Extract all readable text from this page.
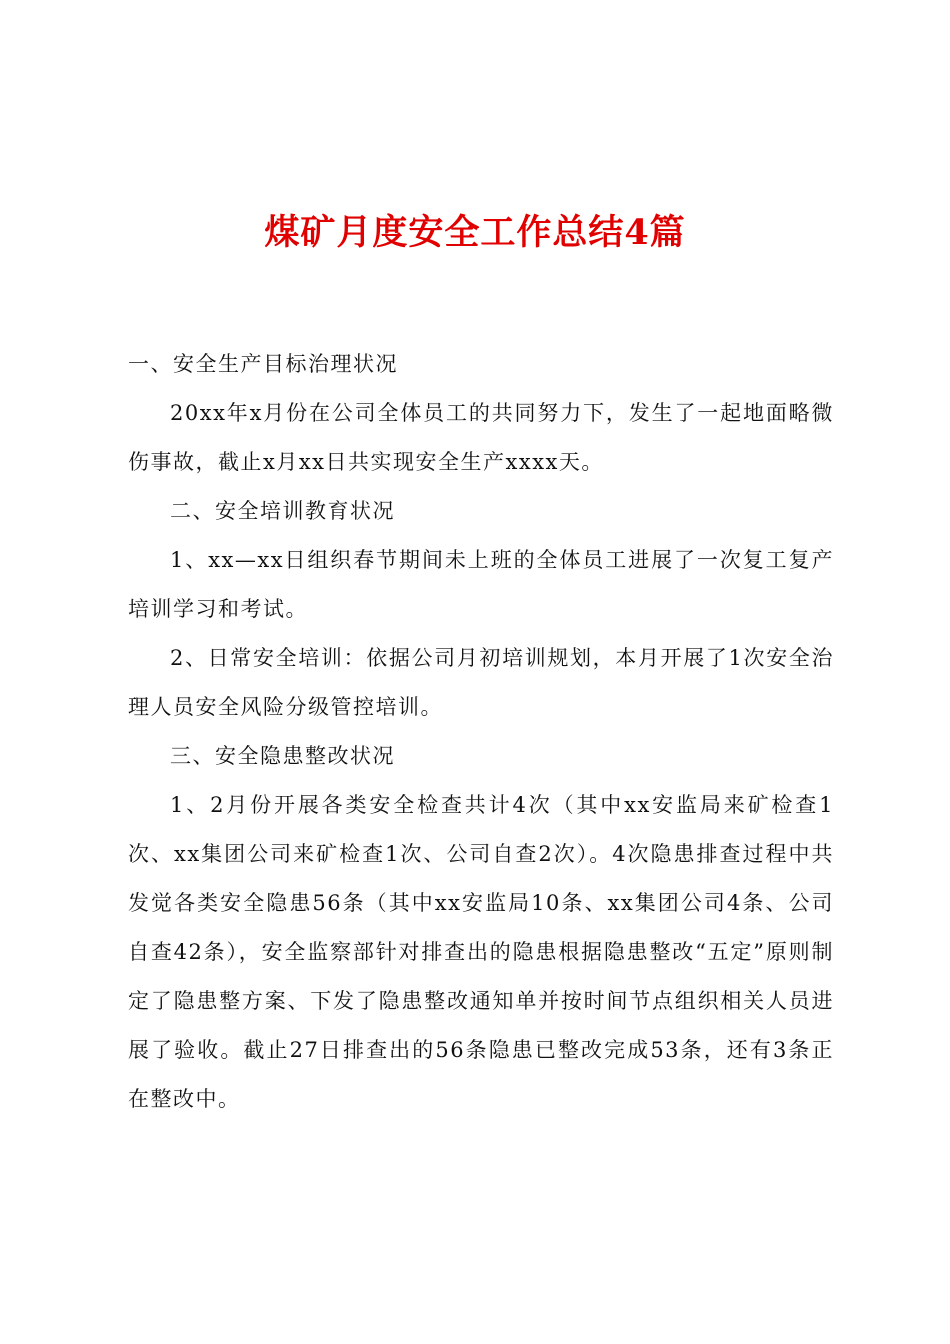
煤矿月度安全工作总结4篇

一、安全生产目标治理状况

20xx年x月份在公司全体员工的共同努力下，发生了一起地面略微伤事故，截止x月xx日共实现安全生产xxxx天。

二、安全培训教育状况

1、xx—xx日组织春节期间未上班的全体员工进展了一次复工复产培训学习和考试。

2、日常安全培训：依据公司月初培训规划，本月开展了1次安全治理人员安全风险分级管控培训。

三、安全隐患整改状况

1、2月份开展各类安全检查共计4次（其中xx安监局来矿检查1次、xx集团公司来矿检查1次、公司自查2次）。4次隐患排查过程中共发觉各类安全隐患56条（其中xx安监局10条、xx集团公司4条、公司自查42条），安全监察部针对排查出的隐患根据隐患整改“五定”原则制定了隐患整方案、下发了隐患整改通知单并按时间节点组织相关人员进展了验收。截止27日排查出的56条隐患已整改完成53条，还有3条正在整改中。
